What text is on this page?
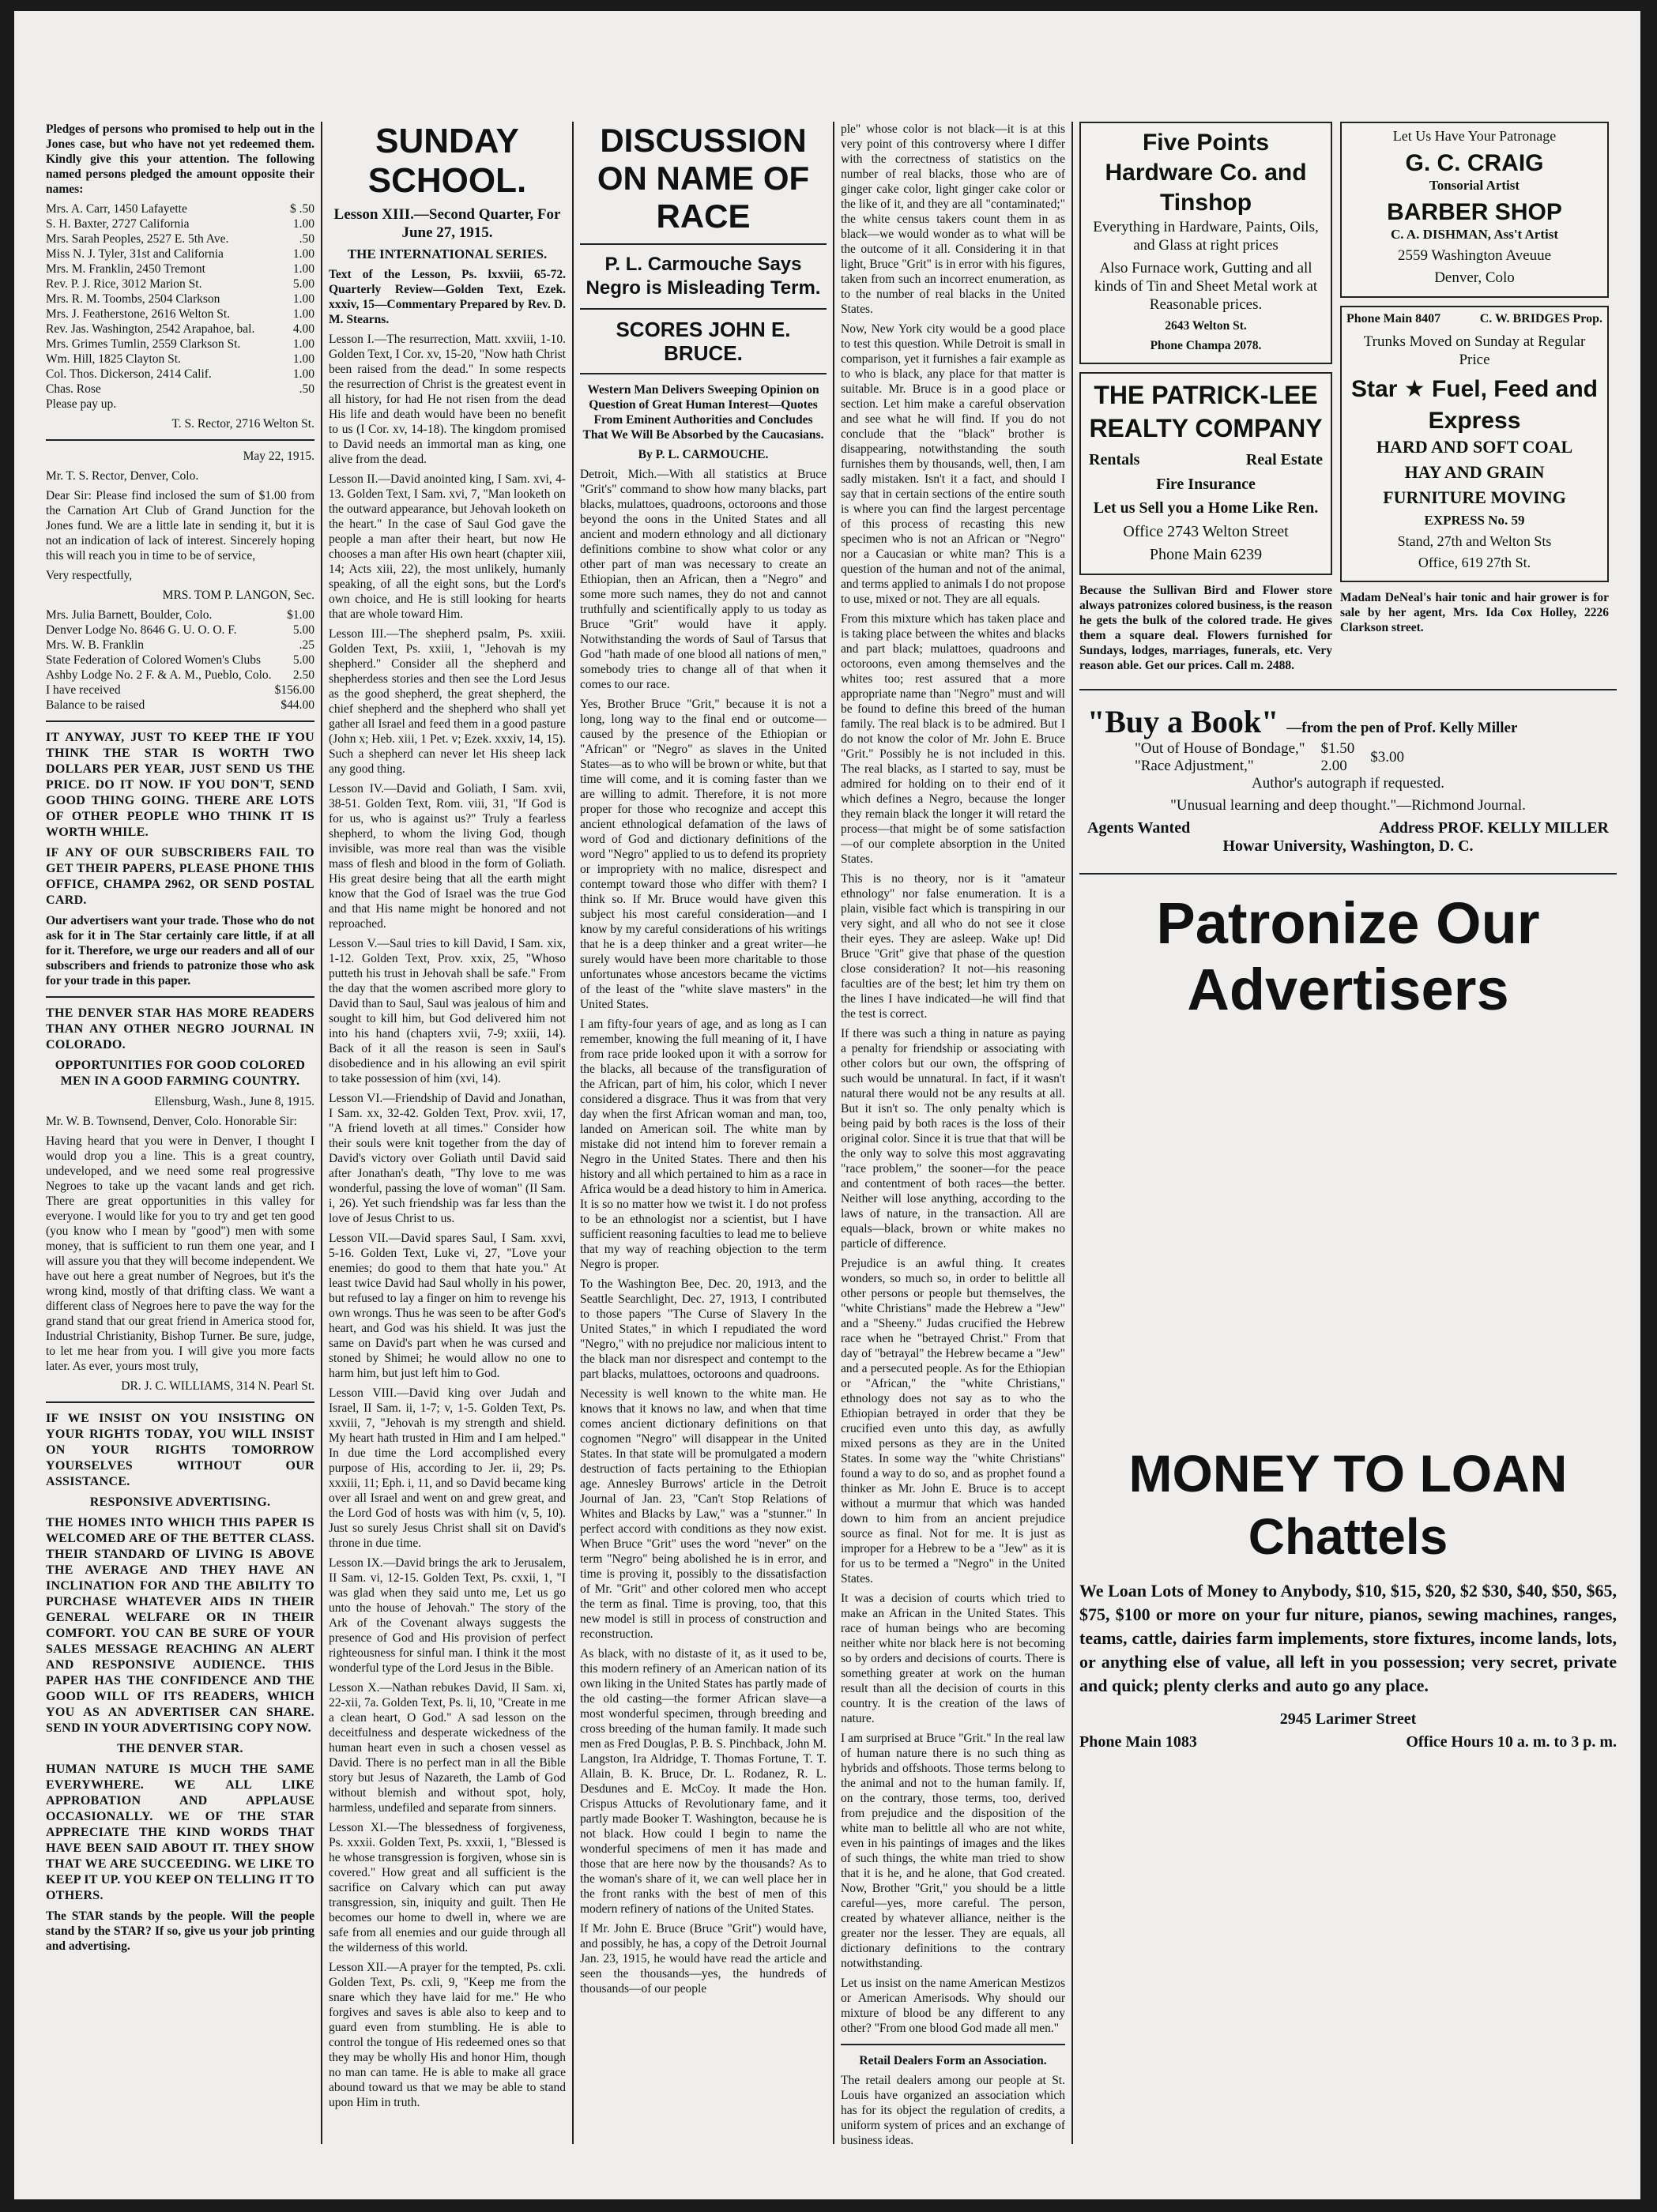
Pledges of persons who promised to help out in the Jones case, but who have not yet redeemed them. Kindly give this your attention. The following named persons pledged the amount opposite their names:

Mrs. A. Carr, 1450 Lafayette	$ .50
S. H. Baxter, 2727 California	1.00
Mrs. Sarah Peoples, 2527 E. 5th Ave.	.50
Miss N. J. Tyler, 31st and California	1.00
Mrs. M. Franklin, 2450 Tremont	1.00
Rev. P. J. Rice, 3012 Marion St.	5.00
Mrs. R. M. Toombs, 2504 Clarkson	1.00
Mrs. J. Featherstone, 2616 Welton St.	1.00
Rev. Jas. Washington, 2542 Arapahoe, bal.	4.00
Mrs. Grimes Tumlin, 2559 Clarkson St.	1.00
Wm. Hill, 1825 Clayton St.	1.00
Col. Thos. Dickerson, 2414 Calif.	1.00
Chas. Rose	.50

Please pay up.

T. S. Rector, 2716 Welton St.

May 22, 1915.

Mr. T. S. Rector, Denver, Colo.

Dear Sir: Please find inclosed the sum of $1.00 from the Carnation Art Club of Grand Junction for the Jones fund. We are a little late in sending it, but it is not an indication of lack of interest. Sincerely hoping this will reach you in time to be of service,

Very respectfully,

MRS. TOM P. LANGON, Sec.

Mrs. Julia Barnett, Boulder, Colo.	$1.00
Denver Lodge No. 8646 G. U. O. O. F.	5.00
Mrs. W. B. Franklin	.25
State Federation of Colored Women's Clubs	5.00
Ashby Lodge No. 2 F. & A. M., Pueblo, Colo. 2.50
I have received	$156.00
Balance to be raised	$44.00

IT ANYWAY, JUST TO KEEP THE IF YOU THINK THE STAR IS WORTH TWO DOLLARS PER YEAR, JUST SEND US THE PRICE. DO IT NOW. IF YOU DON'T, SEND GOOD THING GOING. THERE ARE LOTS OF OTHER PEOPLE WHO THINK IT IS WORTH WHILE.

IF ANY OF OUR SUBSCRIBERS FAIL TO GET THEIR PAPERS, PLEASE PHONE THIS OFFICE, CHAMPA 2962, OR SEND POSTAL CARD.

Our advertisers want your trade. Those who do not ask for it in The Star certainly care little, if at all for it. Therefore, we urge our readers and all of our subscribers and friends to patronize those who ask for your trade in this paper.

THE DENVER STAR HAS MORE READERS THAN ANY OTHER NEGRO JOURNAL IN COLORADO.

OPPORTUNITIES FOR GOOD COLORED MEN IN A GOOD FARMING COUNTRY.

Ellensburg, Wash., June 8, 1915.

Mr. W. B. Townsend, Denver, Colo. Honorable Sir:

Having heard that you were in Denver, I thought I would drop you a line. This is a great country, undeveloped, and we need some real progressive Negroes to take up the vacant lands and get rich. There are great opportunities in this valley for everyone. I would like for you to try and get ten good (you know who I mean by "good") men with some money, that is sufficient to run them one year, and I will assure you that they will become independent. We have out here a great number of Negroes, but it's the wrong kind, mostly of that drifting class. We want a different class of Negroes here to pave the way for the grand stand that our great friend in America stood for, Industrial Christianity, Bishop Turner. Be sure, judge, to let me hear from you. I will give you more facts later. As ever, yours most truly,

DR. J. C. WILLIAMS, 314 N. Pearl St.

IF WE INSIST ON YOU INSISTING ON YOUR RIGHTS TODAY, YOU WILL INSIST ON YOUR RIGHTS TOMORROW YOURSELVES WITHOUT OUR ASSISTANCE.

RESPONSIVE ADVERTISING.

THE HOMES INTO WHICH THIS PAPER IS WELCOMED ARE OF THE BETTER CLASS. THEIR STANDARD OF LIVING IS ABOVE THE AVERAGE AND THEY HAVE AN INCLINATION FOR AND THE ABILITY TO PURCHASE WHATEVER AIDS IN THEIR GENERAL WELFARE OR IN THEIR COMFORT. YOU CAN BE SURE OF YOUR SALES MESSAGE REACHING AN ALERT AND RESPONSIVE AUDIENCE. THIS PAPER HAS THE CONFIDENCE AND THE GOOD WILL OF ITS READERS, WHICH YOU AS AN ADVERTISER CAN SHARE. SEND IN YOUR ADVERTISING COPY NOW.

THE DENVER STAR.

HUMAN NATURE IS MUCH THE SAME EVERYWHERE. WE ALL LIKE APPROBATION AND APPLAUSE OCCASIONALLY. WE OF THE STAR APPRECIATE THE KIND WORDS THAT HAVE BEEN SAID ABOUT IT. THEY SHOW THAT WE ARE SUCCEEDING. WE LIKE TO KEEP IT UP. YOU KEEP ON TELLING IT TO OTHERS.

The STAR stands by the people. Will the people stand by the STAR? If so, give us your job printing and advertising.

SUNDAY SCHOOL.

Lesson XIII.—Second Quarter, For June 27, 1915.

THE INTERNATIONAL SERIES.

Text of the Lesson, Ps. lxxviii, 65-72. Quarterly Review—Golden Text, Ezek. xxxiv, 15—Commentary Prepared by Rev. D. M. Stearns.

Lesson I.—The resurrection, Matt. xxviii, 1-10. Golden Text, I Cor. xv, 15-20, "Now hath Christ been raised from the dead." In some respects the resurrection of Christ is the greatest event in all history, for had He not risen from the dead His life and death would have been no benefit to us (I Cor. xv, 14-18). The kingdom promised to David needs an immortal man as king, one alive from the dead.

Lesson II.—David anointed king, I Sam. xvi, 4-13. Golden Text, I Sam. xvi, 7, "Man looketh on the outward appearance, but Jehovah looketh on the heart." In the case of Saul God gave the people a man after their heart, but now He chooses a man after His own heart (chapter xiii, 14; Acts xiii, 22), the most unlikely, humanly speaking, of all the eight sons, but the Lord's own choice, and He is still looking for hearts that are whole toward Him.

Lesson III.—The shepherd psalm, Ps. xxiii. Golden Text, Ps. xxiii, 1, "Jehovah is my shepherd." Consider all the shepherd and shepherdess stories and then see the Lord Jesus as the good shepherd, the great shepherd, the chief shepherd and the shepherd who shall yet gather all Israel and feed them in a good pasture (John x; Heb. xiii, 1 Pet. v; Ezek. xxxiv, 14, 15). Such a shepherd can never let His sheep lack any good thing.

Lesson IV.—David and Goliath, I Sam. xvii, 38-51. Golden Text, Rom. viii, 31, "If God is for us, who is against us?" Truly a fearless shepherd, to whom the living God, though invisible, was more real than was the visible mass of flesh and blood in the form of Goliath. His great desire being that all the earth might know that the God of Israel was the true God and that His name might be honored and not reproached.

Lesson V.—Saul tries to kill David, I Sam. xix, 1-12. Golden Text, Prov. xxix, 25, "Whoso putteth his trust in Jehovah shall be safe." From the day that the women ascribed more glory to David than to Saul, Saul was jealous of him and sought to kill him, but God delivered him not into his hand (chapters xvii, 7-9; xxiii, 14). Back of it all the reason is seen in Saul's disobedience and in his allowing an evil spirit to take possession of him (xvi, 14).

Lesson VI.—Friendship of David and Jonathan, I Sam. xx, 32-42. Golden Text, Prov. xvii, 17, "A friend loveth at all times." Consider how their souls were knit together from the day of David's victory over Goliath until David said after Jonathan's death, "Thy love to me was wonderful, passing the love of woman" (II Sam. i, 26). Yet such friendship was far less than the love of Jesus Christ to us.

Lesson VII.—David spares Saul, I Sam. xxvi, 5-16. Golden Text, Luke vi, 27, "Love your enemies; do good to them that hate you." At least twice David had Saul wholly in his power, but refused to lay a finger on him to revenge his own wrongs. Thus he was seen to be after God's heart, and God was his shield. It was just the same on David's part when he was cursed and stoned by Shimei; he would allow no one to harm him, but just left him to God.

Lesson VIII.—David king over Judah and Israel, II Sam. ii, 1-7; v, 1-5. Golden Text, Ps. xxviii, 7, "Jehovah is my strength and shield. My heart hath trusted in Him and I am helped." In due time the Lord accomplished every purpose of His, according to Jer. ii, 29; Ps. xxxiii, 11; Eph. i, 11, and so David became king over all Israel and went on and grew great, and the Lord God of hosts was with him (v, 5, 10). Just so surely Jesus Christ shall sit on David's throne in due time.

Lesson IX.—David brings the ark to Jerusalem, II Sam. vi, 12-15. Golden Text, Ps. cxxii, 1, "I was glad when they said unto me, Let us go unto the house of Jehovah." The story of the Ark of the Covenant always suggests the presence of God and His provision of perfect righteousness for sinful man. I think it the most wonderful type of the Lord Jesus in the Bible.

Lesson X.—Nathan rebukes David, II Sam. xi, 22-xii, 7a. Golden Text, Ps. li, 10, "Create in me a clean heart, O God." A sad lesson on the deceitfulness and desperate wickedness of the human heart even in such a chosen vessel as David. There is no perfect man in all the Bible story but Jesus of Nazareth, the Lamb of God without blemish and without spot, holy, harmless, undefiled and separate from sinners.

Lesson XI.—The blessedness of forgiveness, Ps. xxxii. Golden Text, Ps. xxxii, 1, "Blessed is he whose transgression is forgiven, whose sin is covered." How great and all sufficient is the sacrifice on Calvary which can put away transgression, sin, iniquity and guilt. Then He becomes our home to dwell in, where we are safe from all enemies and our guide through all the wilderness of this world.

Lesson XII.—A prayer for the tempted, Ps. cxli. Golden Text, Ps. cxli, 9, "Keep me from the snare which they have laid for me." He who forgives and saves is able also to keep and to guard even from stumbling. He is able to control the tongue of His redeemed ones so that they may be wholly His and honor Him, though no man can tame. He is able to make all grace abound toward us that we may be able to stand upon Him in truth.

DISCUSSION ON NAME OF RACE

P. L. Carmouche Says Negro is Misleading Term.

SCORES JOHN E. BRUCE.

Western Man Delivers Sweeping Opinion on Question of Great Human Interest—Quotes From Eminent Authorities and Concludes That We Will Be Absorbed by the Caucasians.

By P. L. CARMOUCHE.

Detroit, Mich.—With all statistics at Bruce "Grit's" command to show how many blacks, part blacks, mulattoes, quadroons, octoroons and those beyond the oons in the United States and all ancient and modern ethnology and all dictionary definitions combine to show what color or any other part of man was necessary to create an Ethiopian, then an African, then a "Negro" and some more such names, they do not and cannot truthfully and scientifically apply to us today as Bruce "Grit" would have it apply. Notwithstanding the words of Saul of Tarsus that God "hath made of one blood all nations of men," somebody tries to change all of that when it comes to our race.

Yes, Brother Bruce "Grit," because it is not a long, long way to the final end or outcome—caused by the presence of the Ethiopian or "African" or "Negro" as slaves in the United States—as to who will be brown or white, but that time will come, and it is coming faster than we are willing to admit. Therefore, it is not more proper for those who recognize and accept this ancient ethnological defamation of the laws of word of God and dictionary definitions of the word "Negro" applied to us to defend its propriety or impropriety with no malice, disrespect and contempt toward those who differ with them? I think so. If Mr. Bruce would have given this subject his most careful consideration—and I know by my careful considerations of his writings that he is a deep thinker and a great writer—he surely would have been more charitable to those unfortunates whose ancestors became the victims of the least of the "white slave masters" in the United States.

I am fifty-four years of age, and as long as I can remember, knowing the full meaning of it, I have from race pride looked upon it with a sorrow for the blacks, all because of the transfiguration of the African, part of him, his color, which I never considered a disgrace. Thus it was from that very day when the first African woman and man, too, landed on American soil. The white man by mistake did not intend him to forever remain a Negro in the United States. There and then his history and all which pertained to him as a race in Africa would be a dead history to him in America. It is so no matter how we twist it. I do not profess to be an ethnologist nor a scientist, but I have sufficient reasoning faculties to lead me to believe that my way of reaching objection to the term Negro is proper.

To the Washington Bee, Dec. 20, 1913, and the Seattle Searchlight, Dec. 27, 1913, I contributed to those papers "The Curse of Slavery In the United States," in which I repudiated the word "Negro," with no prejudice nor malicious intent to the black man nor disrespect and contempt to the part blacks, mulattoes, octoroons and quadroons.

Necessity is well known to the white man. He knows that it knows no law, and when that time comes ancient dictionary definitions on that cognomen "Negro" will disappear in the United States. In that state will be promulgated a modern destruction of facts pertaining to the Ethiopian age. Annesley Burrows' article in the Detroit Journal of Jan. 23, "Can't Stop Relations of Whites and Blacks by Law," was a "stunner." In perfect accord with conditions as they now exist. When Bruce "Grit" uses the word "never" on the term "Negro" being abolished he is in error, and time is proving it, possibly to the dissatisfaction of Mr. "Grit" and other colored men who accept the term as final. Time is proving, too, that this new model is still in process of construction and reconstruction.

As black, with no distaste of it, as it used to be, this modern refinery of an American nation of its own liking in the United States has partly made of the old casting—the former African slave—a most wonderful specimen, through breeding and cross breeding of the human family. It made such men as Fred Douglas, P. B. S. Pinchback, John M. Langston, Ira Aldridge, T. Thomas Fortune, T. T. Allain, B. K. Bruce, Dr. L. Rodanez, R. L. Desdunes and E. McCoy. It made the Hon. Crispus Attucks of Revolutionary fame, and it partly made Booker T. Washington, because he is not black. How could I begin to name the wonderful specimens of men it has made and those that are here now by the thousands? As to the woman's share of it, we can well place her in the front ranks with the best of men of this modern refinery of nations of the United States.

If Mr. John E. Bruce (Bruce "Grit") would have, and possibly, he has, a copy of the Detroit Journal Jan. 23, 1915, he would have read the article and seen the thousands—yes, the hundreds of thousands—of our people

ple" whose color is not black—it is at this very point of this controversy where I differ with the correctness of statistics on the number of real blacks, those who are of ginger cake color, light ginger cake color or the like of it, and they are all "contaminated;" the white census takers count them in as black—we would wonder as to what will be the outcome of it all. Considering it in that light, Bruce "Grit" is in error with his figures, taken from such an incorrect enumeration, as to the number of real blacks in the United States.

Now, New York city would be a good place to test this question. While Detroit is small in comparison, yet it furnishes a fair example as to who is black, any place for that matter is suitable. Mr. Bruce is in a good place or section. Let him make a careful observation and see what he will find. If you do not conclude that the "black" brother is disappearing, notwithstanding the south furnishes them by thousands, well, then, I am sadly mistaken. Isn't it a fact, and should I say that in certain sections of the entire south is where you can find the largest percentage of this process of recasting this new specimen who is not an African or "Negro" nor a Caucasian or white man? This is a question of the human and not of the animal, and terms applied to animals I do not propose to use, mixed or not. They are all equals.

From this mixture which has taken place and is taking place between the whites and blacks and part black; mulattoes, quadroons and octoroons, even among themselves and the whites too; rest assured that a more appropriate name than "Negro" must and will be found to define this breed of the human family. The real black is to be admired. But I do not know the color of Mr. John E. Bruce "Grit." Possibly he is not included in this. The real blacks, as I started to say, must be admired for holding on to their end of it which defines a Negro, because the longer they remain black the longer it will retard the process—that might be of some satisfaction—of our complete absorption in the United States.

This is no theory, nor is it "amateur ethnology" nor false enumeration. It is a plain, visible fact which is transpiring in our very sight, and all who do not see it close their eyes. They are asleep. Wake up! Did Bruce "Grit" give that phase of the question close consideration? It not—his reasoning faculties are of the best; let him try them on the lines I have indicated—he will find that the test is correct.

If there was such a thing in nature as paying a penalty for friendship or associating with other colors but our own, the offspring of such would be unnatural. In fact, if it wasn't natural there would not be any results at all. But it isn't so. The only penalty which is being paid by both races is the loss of their original color. Since it is true that that will be the only way to solve this most aggravating "race problem," the sooner—for the peace and contentment of both races—the better. Neither will lose anything, according to the laws of nature, in the transaction. All are equals—black, brown or white makes no particle of difference.

Prejudice is an awful thing. It creates wonders, so much so, in order to belittle all other persons or people but themselves, the "white Christians" made the Hebrew a "Jew" and a "Sheeny." Judas crucified the Hebrew race when he "betrayed Christ." From that day of "betrayal" the Hebrew became a "Jew" and a persecuted people. As for the Ethiopian or "African," the "white Christians," ethnology does not say as to who the Ethiopian betrayed in order that they be crucified even unto this day, as awfully mixed persons as they are in the United States. In some way the "white Christians" found a way to do so, and as prophet found a thinker as Mr. John E. Bruce is to accept without a murmur that which was handed down to him from an ancient prejudice source as final. Not for me. It is just as improper for a Hebrew to be a "Jew" as it is for us to be termed a "Negro" in the United States.

It was a decision of courts which tried to make an African in the United States. This race of human beings who are becoming neither white nor black here is not becoming so by orders and decisions of courts. There is something greater at work on the human result than all the decision of courts in this country. It is the creation of the laws of nature.

I am surprised at Bruce "Grit." In the real law of human nature there is no such thing as hybrids and offshoots. Those terms belong to the animal and not to the human family. If, on the contrary, those terms, too, derived from prejudice and the disposition of the white man to belittle all who are not white, even in his paintings of images and the likes of such things, the white man tried to show that it is he, and he alone, that God created. Now, Brother "Grit," you should be a little careful—yes, more careful. The person, created by whatever alliance, neither is the greater nor the lesser. They are equals, all dictionary definitions to the contrary notwithstanding.

Let us insist on the name American Mestizos or American Amerisods. Why should our mixture of blood be any different to any other? "From one blood God made all men."

Retail Dealers Form an Association.

The retail dealers among our people at St. Louis have organized an association which has for its object the regulation of credits, a uniform system of prices and an exchange of business ideas.

Five Points Hardware Co. and Tinshop

Everything in Hardware, Paints, Oils, and Glass at right prices

Also Furnace work, Gutting and all kinds of Tin and Sheet Metal work at Reasonable prices.

2643 Welton St.

Phone Champa 2078.

THE PATRICK-LEE REALTY COMPANY
Rentals	Real Estate

Fire Insurance

Let us Sell you a Home Like Ren.

Office 2743 Welton Street

Phone Main 6239

Because the Sullivan Bird and Flower store always patronizes colored business, is the reason he gets the bulk of the colored trade. He gives them a square deal. Flowers furnished for Sundays, lodges, marriages, funerals, etc. Very reason able. Get our prices. Call m. 2488.

Let Us Have Your Patronage

G. C. CRAIG

Tonsorial Artist

BARBER SHOP

C. A. DISHMAN, Ass't Artist

2559 Washington Aveuue

Denver, Colo

Phone Main 8407	C. W. BRIDGES Prop.

Trunks Moved on Sunday at Regular Price

Star ★ Fuel, Feed and Express

HARD AND SOFT COAL

HAY AND GRAIN

FURNITURE MOVING

EXPRESS No. 59

Stand, 27th and Welton Sts

Office, 619 27th St.

Madam DeNeal's hair tonic and hair grower is for sale by her agent, Mrs. Ida Cox Holley, 2226 Clarkson street.

"Buy a Book" —from the pen of Prof. Kelly Miller
"Out of House of Bondage,"
"Race Adjustment,"
$1.50
2.00
$3.00

Author's autograph if requested.

"Unusual learning and deep thought."—Richmond Journal.

Agents Wanted	Address PROF. KELLY MILLER

Howar University, Washington, D. C.

Patronize Our Advertisers
MONEY TO LOAN
Chattels

We Loan Lots of Money to Anybody, $10, $15, $20, $2 $30, $40, $50, $65, $75, $100 or more on your fur niture, pianos, sewing machines, ranges, teams, cattle, dairies farm implements, store fixtures, income lands, lots, or anything else of value, all left in you possession; very secret, private and quick; plenty clerks and auto go any place.

2945 Larimer Street

Phone Main 1083	Office Hours 10 a. m. to 3 p. m.
